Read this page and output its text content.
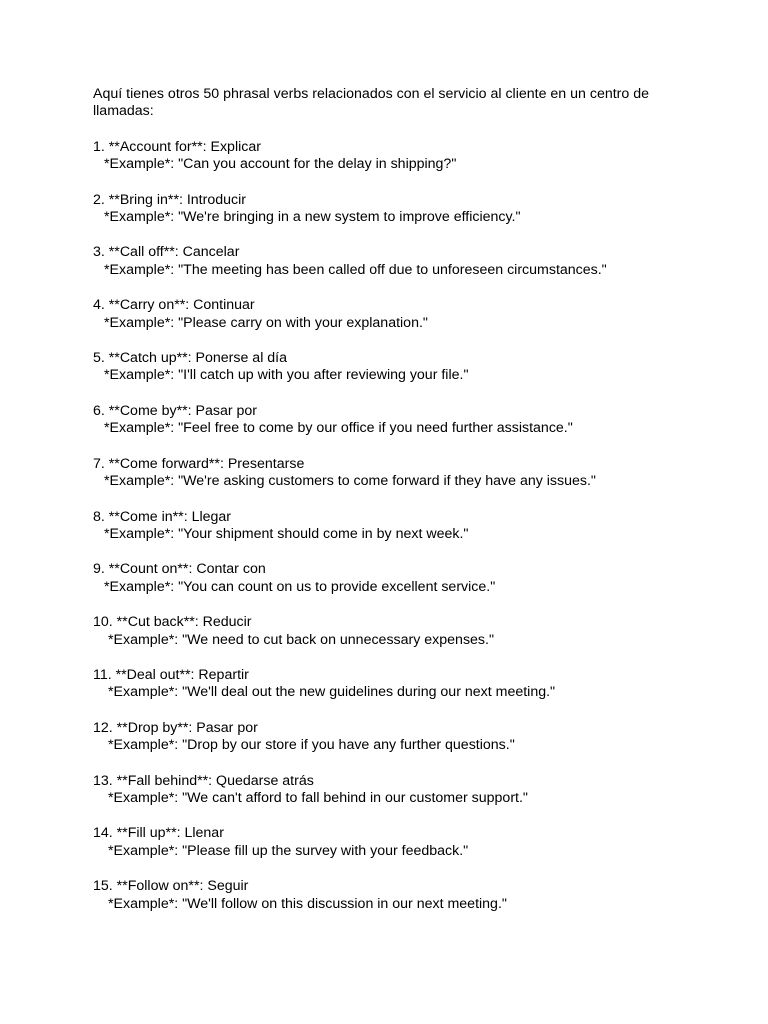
Aquí tienes otros 50 phrasal verbs relacionados con el servicio al cliente en un centro de llamadas:

1. **Account for**: Explicar

*Example*: "Can you account for the delay in shipping?"

2. **Bring in**: Introducir

*Example*: "We're bringing in a new system to improve efficiency."

3. **Call off**: Cancelar

*Example*: "The meeting has been called off due to unforeseen circumstances."

4. **Carry on**: Continuar

*Example*: "Please carry on with your explanation."

5. **Catch up**: Ponerse al día

*Example*: "I'll catch up with you after reviewing your file."

6. **Come by**: Pasar por

*Example*: "Feel free to come by our office if you need further assistance."

7. **Come forward**: Presentarse

*Example*: "We're asking customers to come forward if they have any issues."

8. **Come in**: Llegar

*Example*: "Your shipment should come in by next week."

9. **Count on**: Contar con

*Example*: "You can count on us to provide excellent service."

10. **Cut back**: Reducir

*Example*: "We need to cut back on unnecessary expenses."

11. **Deal out**: Repartir

*Example*: "We'll deal out the new guidelines during our next meeting."

12. **Drop by**: Pasar por

*Example*: "Drop by our store if you have any further questions."

13. **Fall behind**: Quedarse atrás

*Example*: "We can't afford to fall behind in our customer support."

14. **Fill up**: Llenar

*Example*: "Please fill up the survey with your feedback."

15. **Follow on**: Seguir

*Example*: "We'll follow on this discussion in our next meeting."
